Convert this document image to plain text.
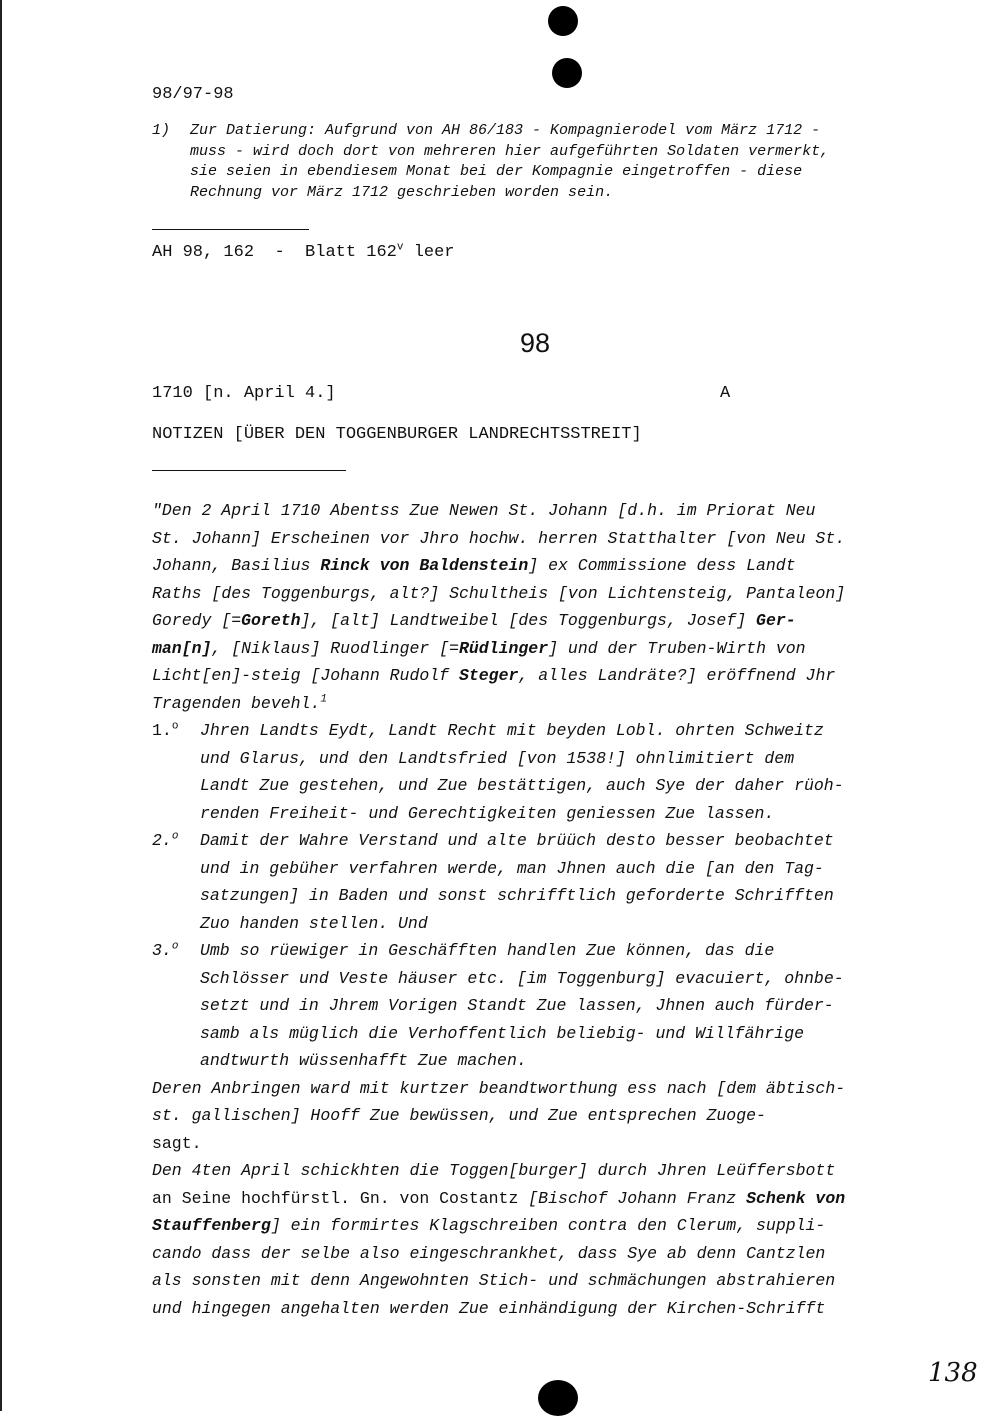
98/97-98
1) Zur Datierung: Aufgrund von AH 86/183 - Kompagnierodel vom März 1712 -
muss - wird doch dort von mehreren hier aufgeführten Soldaten vermerkt,
sie seien in ebendiesem Monat bei der Kompagnie eingetroffen - diese
Rechnung vor März 1712 geschrieben worden sein.
AH 98, 162 - Blatt 162$^v$ leer
98
1710 [n. April 4.]	A
NOTIZEN [ÜBER DEN TOGGENBURGER LANDRECHTSSTREIT]

"Den 2 April 1710 Abentss Zue Newen St. Johann [d.h. im Priorat Neu
St. Johann] Erscheinen vor Jhro hochw. herren Statthalter [von Neu St.
Johann, Basilius Rinck von Baldenstein] ex Commissione dess Landt
Raths [des Toggenburgs, alt?] Schultheis [von Lichtensteig, Pantaleon]
Goredy [=Goreth], [alt] Landtweibel [des Toggenburgs, Josef] Ger-
man[n], [Niklaus] Ruodlinger [=Rüdlinger] und der Truben-Wirth von
Licht[en]-steig [Johann Rudolf Steger, alles Landräte?] eröffnend Jhr
Tragenden bevehl.$^1$

1.$^o$	Jhren Landts Eydt, Landt Recht mit beyden Lobl. ohrten Schweitz
und Glarus, und den Landtsfried [von 1538!] ohnlimitiert dem
Landt Zue gestehen, und Zue bestättigen, auch Sye der daher rüoh-
renden Freiheit- und Gerechtigkeiten geniessen Zue lassen.
2.$^o$	Damit der Wahre Verstand und alte brüüch desto besser beobachtet
und in gebüher verfahren werde, man Jhnen auch die [an den Tag-
satzungen] in Baden und sonst schrifftlich geforderte Schrifften
Zuo handen stellen. Und
3.$^o$	Umb so rüewiger in Geschäfften handlen Zue können, das die
Schlösser und Veste häuser etc. [im Toggenburg] evacuiert, ohnbe-
setzt und in Jhrem Vorigen Standt Zue lassen, Jhnen auch fürder-
samb als müglich die Verhoffentlich beliebig- und Willfährige
andtwurth wüssenhafft Zue machen.

Deren Anbringen ward mit kurtzer beandtworthung ess nach [dem äbtisch-
st. gallischen] Hooff Zue bewüssen, und Zue entsprechen Zuoge-
sagt.

Den 4ten April schickhten die Toggen[burger] durch Jhren Leüffersbott
an Seine hochfürstl. Gn. von Costantz [Bischof Johann Franz Schenk von
Stauffenberg] ein formirtes Klagschreiben contra den Clerum, suppli-
cando dass der selbe also eingeschrankhet, dass Sye ab denn Cantzlen
als sonsten mit denn Angewohnten Stich- und schmächungen abstrahieren
und hingegen angehalten werden Zue einhändigung der Kirchen-Schrifft

138
